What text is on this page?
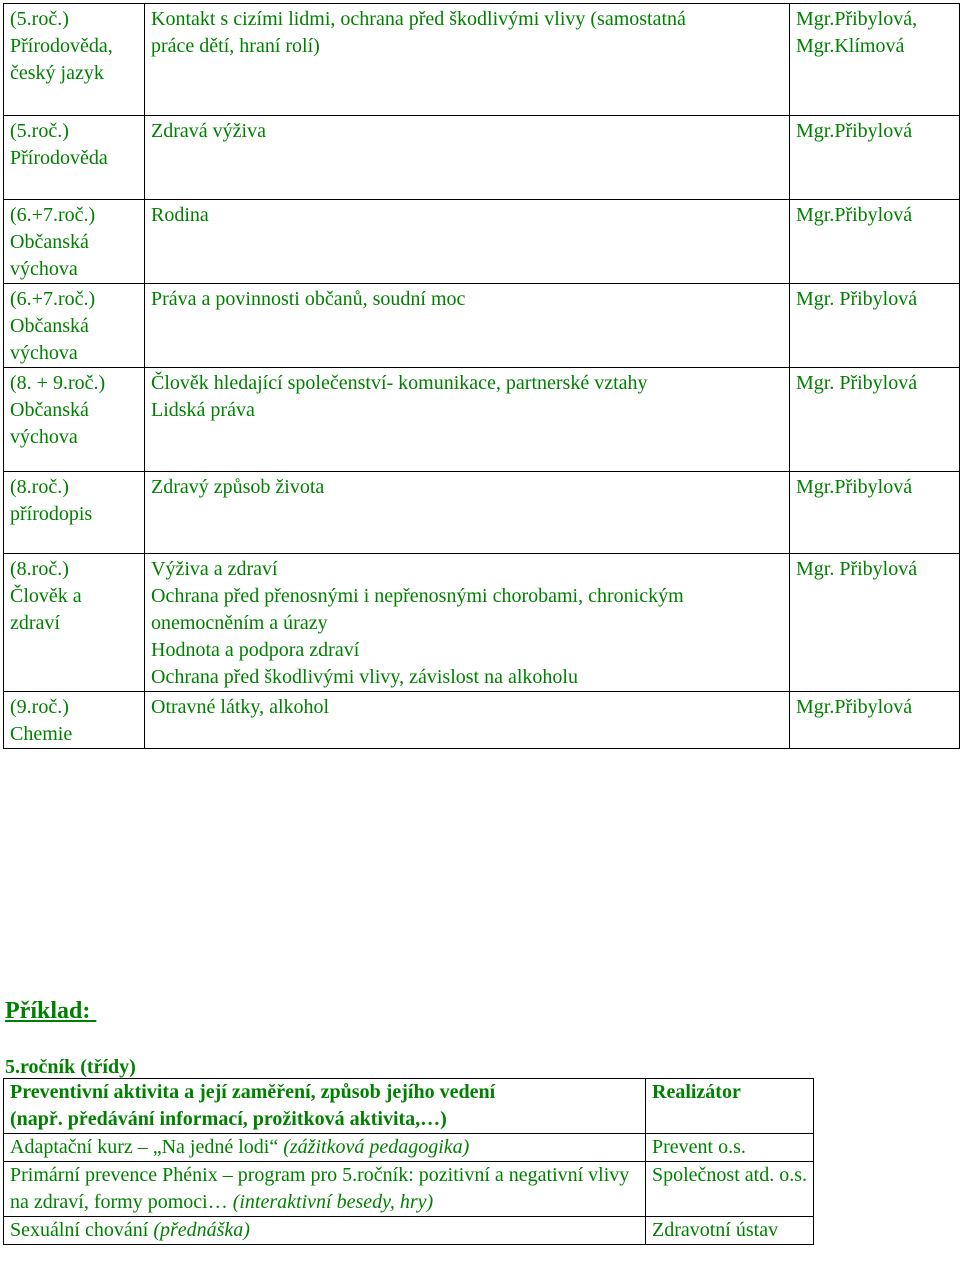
(5.roč.)
Přírodověda,
český jazyk	Kontakt s cizími lidmi, ochrana před škodlivými vlivy (samostatná
práce dětí, hraní rolí)	Mgr.Přibylová,
Mgr.Klímová

(5.roč.)
Přírodověda	Zdravá výživa	Mgr.Přibylová

(6.+7.roč.)
Občanská
výchova	Rodina	Mgr.Přibylová

(6.+7.roč.)
Občanská
výchova	Práva a povinnosti občanů, soudní moc	Mgr. Přibylová

(8. + 9.roč.)
Občanská
výchova	Člověk hledající společenství- komunikace, partnerské vztahy
Lidská práva	Mgr. Přibylová

(8.roč.)
přírodopis	Zdravý způsob života	Mgr.Přibylová

(8.roč.)
Člověk a
zdraví	Výživa a zdraví
Ochrana před přenosnými i nepřenosnými chorobami, chronickým
onemocněním a úrazy
Hodnota a podpora zdraví
Ochrana před škodlivými vlivy, závislost na alkoholu	Mgr. Přibylová

(9.roč.)
Chemie	Otravné látky, alkohol	Mgr.Přibylová
Příklad:
5.ročník (třídy)
Preventivní aktivita a její zaměření, způsob jejího vedení
(např. předávání informací, prožitková aktivita,…)	Realizátor
Adaptační kurz – „Na jedné lodi“ (zážitková pedagogika)	Prevent o.s.
Primární prevence Phénix – program pro 5.ročník: pozitivní a negativní vlivy na zdraví, formy pomoci… (interaktivní besedy, hry)	Společnost atd. o.s.
Sexuální chování (přednáška)	Zdravotní ústav
